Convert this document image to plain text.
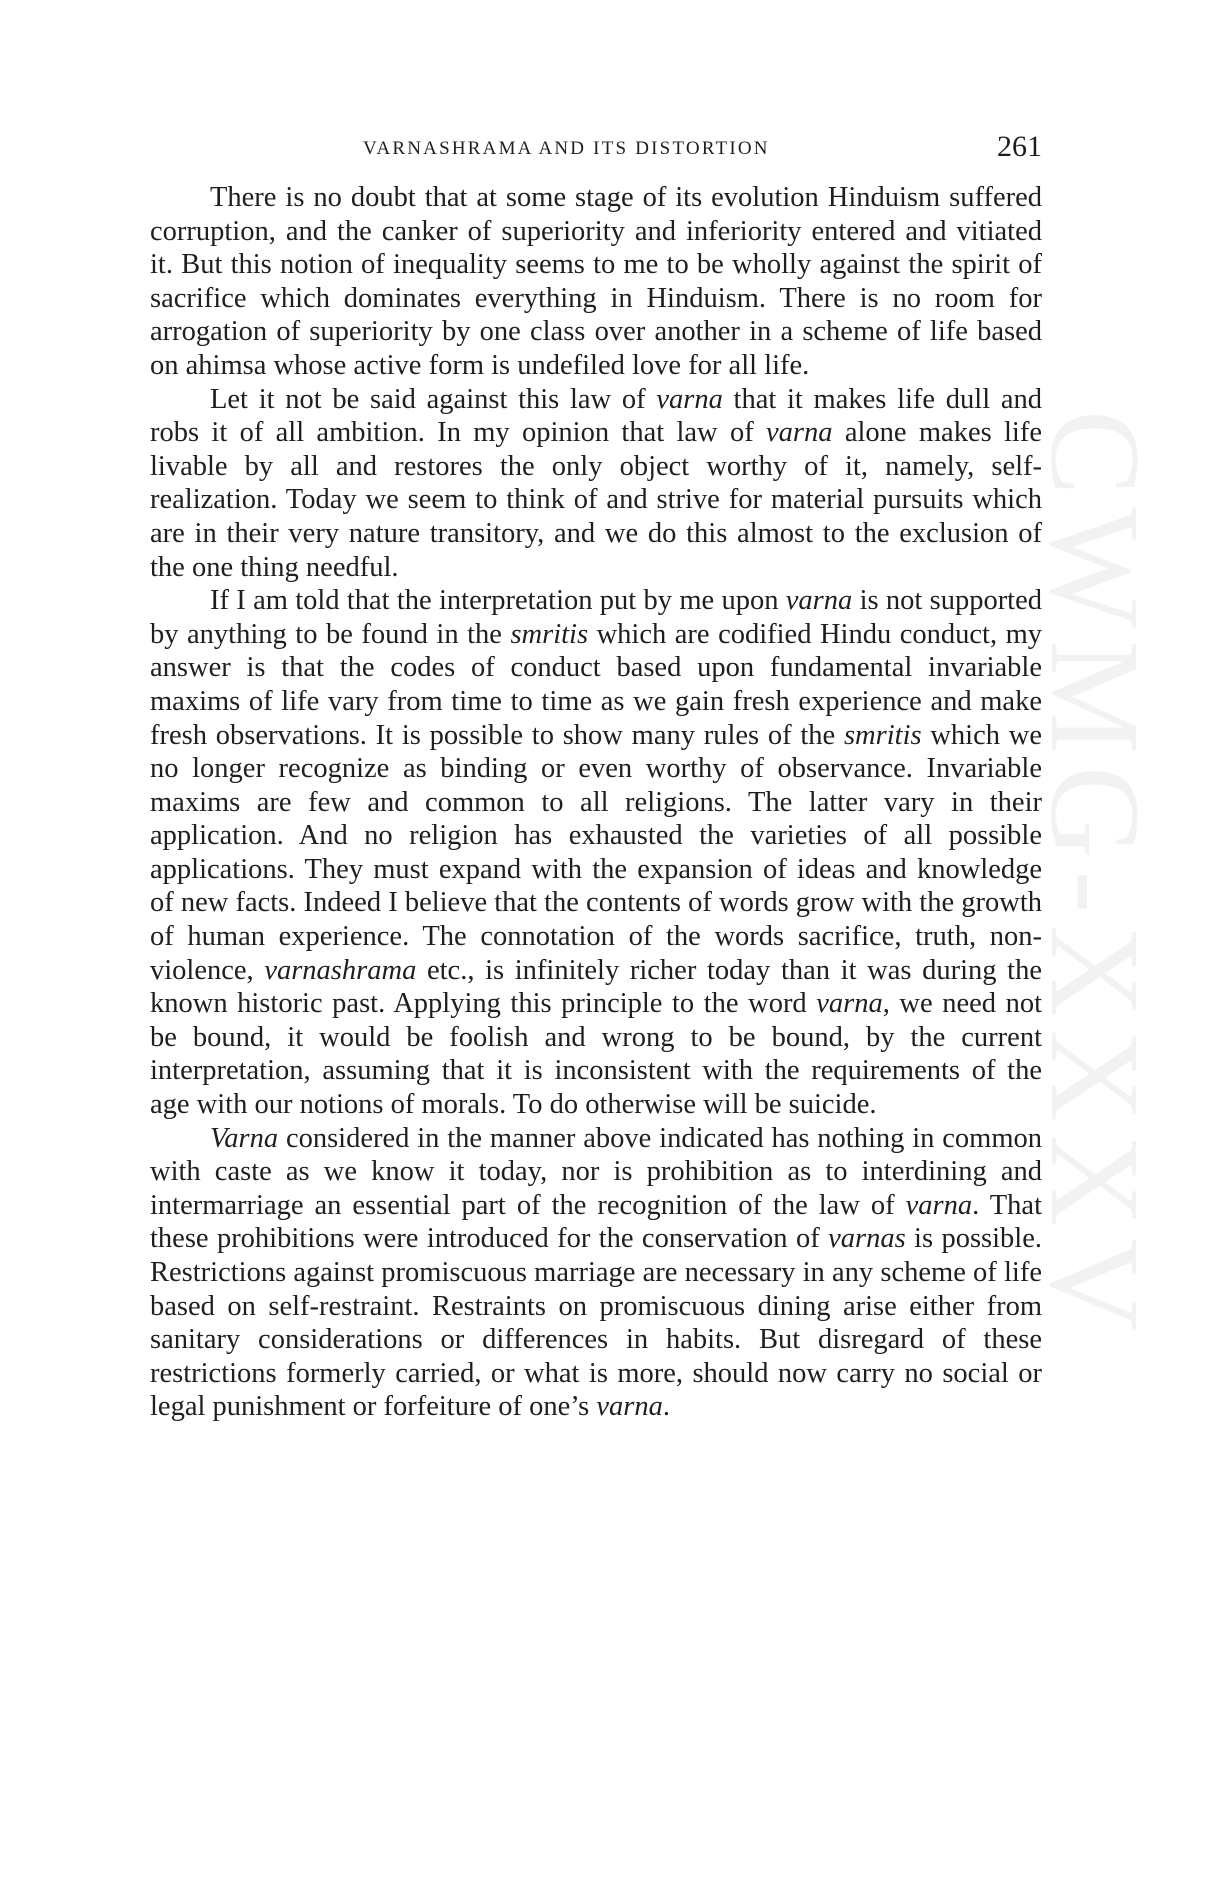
CWMG-XXXV
VARNASHRAMA AND ITS DISTORTION	261

There is no doubt that at some stage of its evolution Hinduism suffered corruption, and the canker of superiority and inferiority entered and vitiated it. But this notion of inequality seems to me to be wholly against the spirit of sacrifice which dominates everything in Hinduism. There is no room for arrogation of superiority by one class over another in a scheme of life based on ahimsa whose active form is undefiled love for all life.

Let it not be said against this law of varna that it makes life dull and robs it of all ambition. In my opinion that law of varna alone makes life livable by all and restores the only object worthy of it, namely, self-realization. Today we seem to think of and strive for material pursuits which are in their very nature transitory, and we do this almost to the exclusion of the one thing needful.

If I am told that the interpretation put by me upon varna is not supported by anything to be found in the smritis which are codified Hindu conduct, my answer is that the codes of conduct based upon fundamental invariable maxims of life vary from time to time as we gain fresh experience and make fresh observations. It is possible to show many rules of the smritis which we no longer recognize as binding or even worthy of observance. Invariable maxims are few and common to all religions. The latter vary in their application. And no religion has exhausted the varieties of all possible applications. They must expand with the expansion of ideas and knowledge of new facts. Indeed I believe that the contents of words grow with the growth of human experience. The connotation of the words sacrifice, truth, non-violence, varnashrama etc., is infinitely richer today than it was during the known historic past. Applying this principle to the word varna, we need not be bound, it would be foolish and wrong to be bound, by the current interpretation, assuming that it is inconsistent with the requirements of the age with our notions of morals. To do otherwise will be suicide.

Varna considered in the manner above indicated has nothing in common with caste as we know it today, nor is prohibition as to interdining and intermarriage an essential part of the recognition of the law of varna. That these prohibitions were introduced for the conservation of varnas is possible. Restrictions against promiscuous marriage are necessary in any scheme of life based on self-restraint. Restraints on promiscuous dining arise either from sanitary considerations or differences in habits. But disregard of these restrictions formerly carried, or what is more, should now carry no social or legal punishment or forfeiture of one’s varna.
